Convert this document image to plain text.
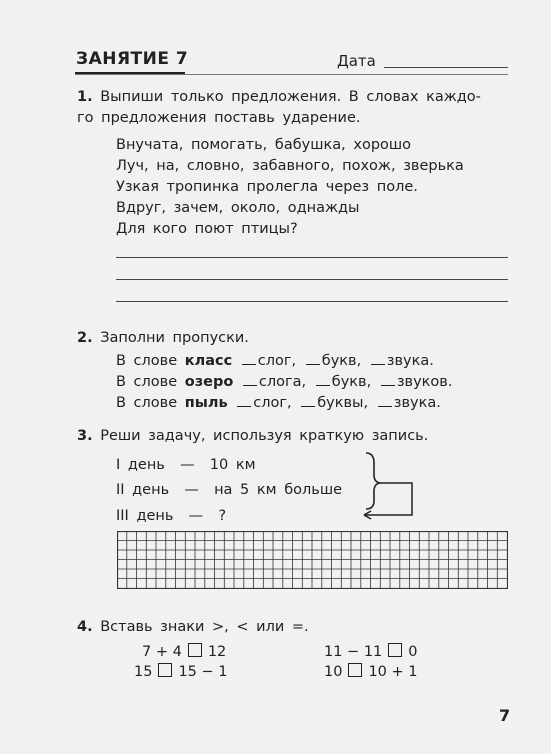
ЗАНЯТИЕ 7	Дата
1. Выпиши только предложения. В словах каждо-
го предложения поставь ударение.
Внучата, помогать, бабушка, хорошо
Луч, на, словно, забавного, похож, зверька
Узкая тропинка пролегла через поле.
Вдруг, зачем, около, однажды
Для кого поют птицы?
2. Заполни пропуски.
В слове класс слог, букв, звука.
В слове озеро слога, букв, звуков.
В слове пыль слог, буквы, звука.
3. Реши задачу, используя краткую запись.
I день — 10 км
II день — на 5 км больше
III день — ?
4. Вставь знаки >, < или =.
7 + 4 12
15 15 − 1
11 − 11 0
10 10 + 1
7
